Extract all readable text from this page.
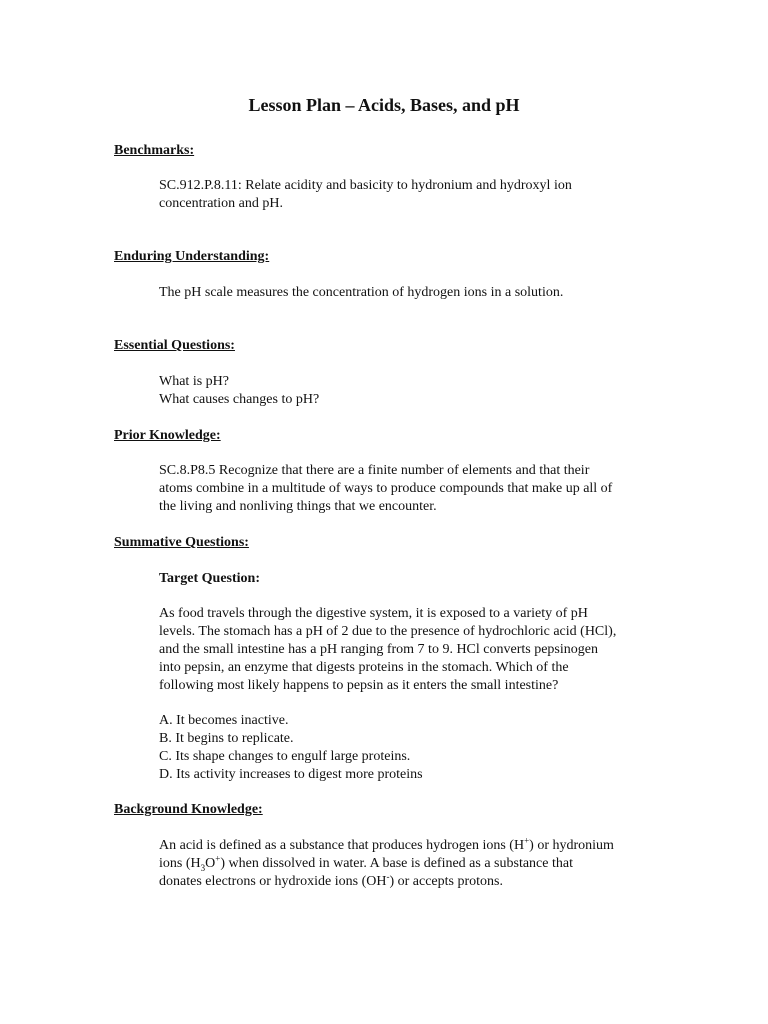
Lesson Plan – Acids, Bases, and pH
Benchmarks:
SC.912.P.8.11: Relate acidity and basicity to hydronium and hydroxyl ion
concentration and pH.
Enduring Understanding:
The pH scale measures the concentration of hydrogen ions in a solution.
Essential Questions:
What is pH?
What causes changes to pH?
Prior Knowledge:
SC.8.P8.5 Recognize that there are a finite number of elements and that their
atoms combine in a multitude of ways to produce compounds that make up all of
the living and nonliving things that we encounter.
Summative Questions:
Target Question:
As food travels through the digestive system, it is exposed to a variety of pH
levels. The stomach has a pH of 2 due to the presence of hydrochloric acid (HCl),
and the small intestine has a pH ranging from 7 to 9. HCl converts pepsinogen
into pepsin, an enzyme that digests proteins in the stomach. Which of the
following most likely happens to pepsin as it enters the small intestine?
A. It becomes inactive.
B. It begins to replicate.
C. Its shape changes to engulf large proteins.
D. Its activity increases to digest more proteins
Background Knowledge:
An acid is defined as a substance that produces hydrogen ions (H+) or hydronium
ions $(H_3O^+)$ when dissolved in water. A base is defined as a substance that
donates electrons or hydroxide ions (OH-) or accepts protons.
